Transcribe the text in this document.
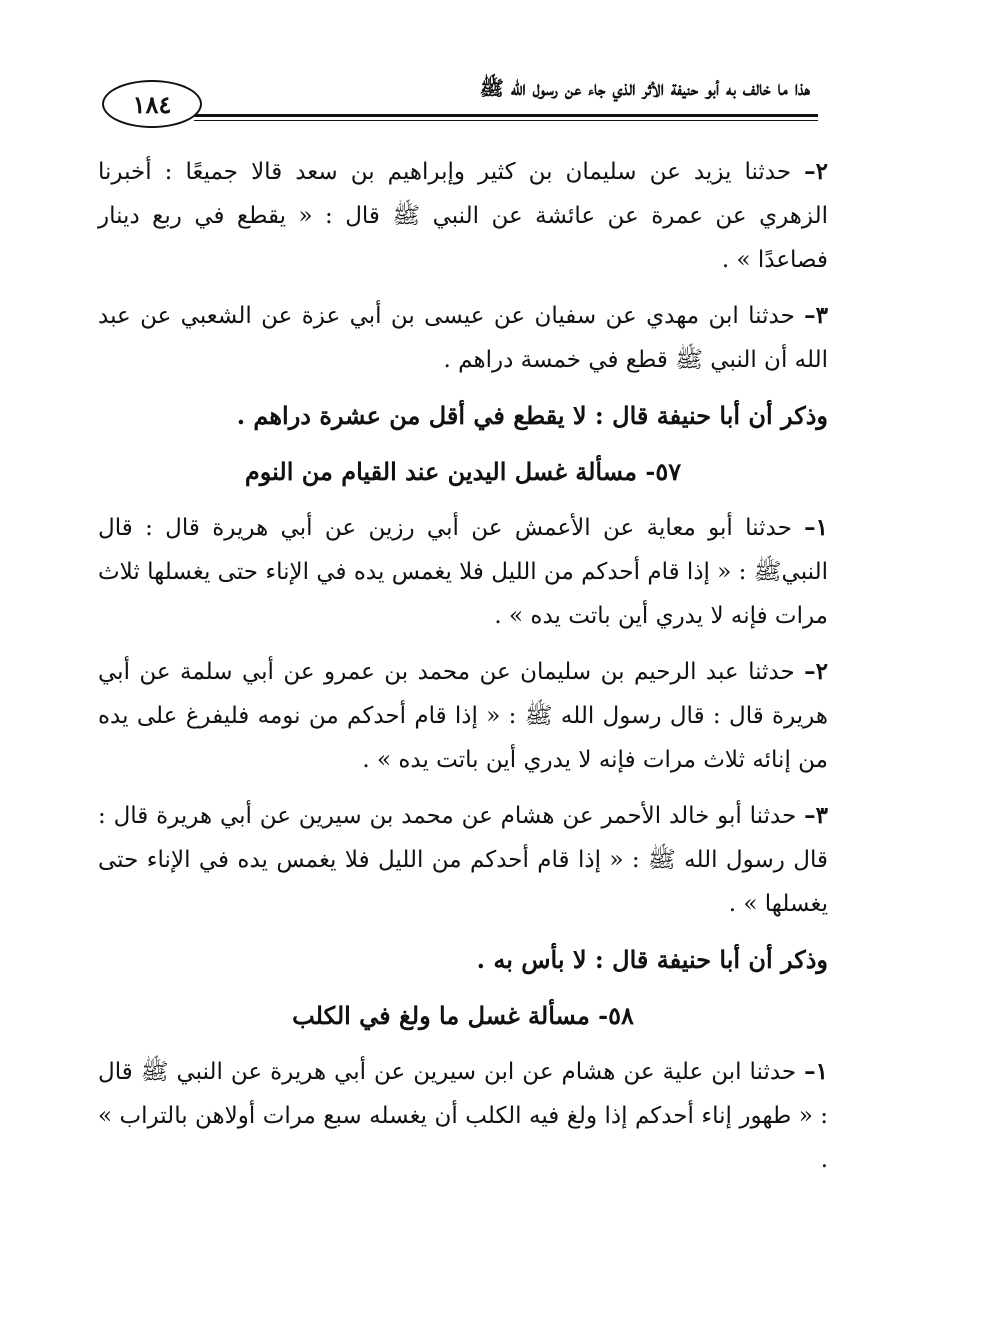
١٨٤
هذا ما خالف به أبو حنيفة الأثر الذي جاء عن رسول الله ﷺ

٢– حدثنا يزيد عن سليمان بن كثير وإبراهيم بن سعد قالا جميعًا : أخبرنا الزهري عن عمرة عن عائشة عن النبي ﷺ قال : « يقطع في ربع دينار فصاعدًا » .

٣– حدثنا ابن مهدي عن سفيان عن عيسى بن أبي عزة عن الشعبي عن عبد الله أن النبي ﷺ قطع في خمسة دراهم .

وذكر أن أبا حنيفة قال : لا يقطع في أقل من عشرة دراهم .

٥٧- مسألة غسل اليدين عند القيام من النوم

١– حدثنا أبو معاية عن الأعمش عن أبي رزين عن أبي هريرة قال : قال النبيﷺ : « إذا قام أحدكم من الليل فلا يغمس يده في الإناء حتى يغسلها ثلاث مرات فإنه لا يدري أين باتت يده » .

٢– حدثنا عبد الرحيم بن سليمان عن محمد بن عمرو عن أبي سلمة عن أبي هريرة قال : قال رسول الله ﷺ : « إذا قام أحدكم من نومه فليفرغ على يده من إنائه ثلاث مرات فإنه لا يدري أين باتت يده » .

٣– حدثنا أبو خالد الأحمر عن هشام عن محمد بن سيرين عن أبي هريرة قال : قال رسول الله ﷺ : « إذا قام أحدكم من الليل فلا يغمس يده في الإناء حتى يغسلها » .

وذكر أن أبا حنيفة قال : لا بأس به .

٥٨- مسألة غسل ما ولغ في الكلب

١– حدثنا ابن علية عن هشام عن ابن سيرين عن أبي هريرة عن النبي ﷺ قال : « طهور إناء أحدكم إذا ولغ فيه الكلب أن يغسله سبع مرات أولاهن بالتراب » .
